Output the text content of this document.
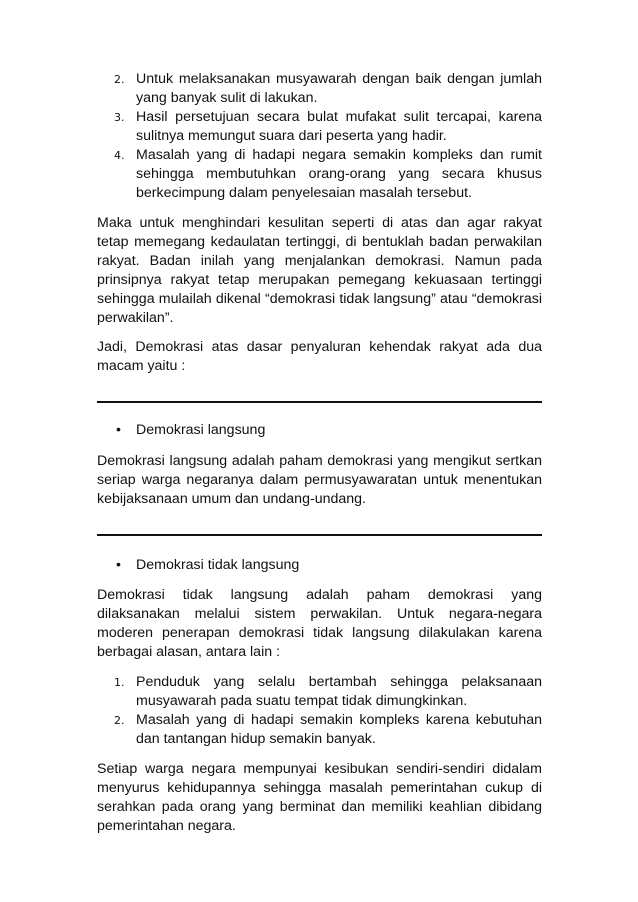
2. Untuk melaksanakan musyawarah dengan baik dengan jumlah yang banyak sulit di lakukan.
3. Hasil persetujuan secara bulat mufakat sulit tercapai, karena sulitnya memungut suara dari peserta yang hadir.
4. Masalah yang di hadapi negara semakin kompleks dan rumit sehingga membutuhkan orang-orang yang secara khusus berkecimpung dalam penyelesaian masalah tersebut.

Maka untuk menghindari kesulitan seperti di atas dan agar rakyat tetap memegang kedaulatan tertinggi, di bentuklah badan perwakilan rakyat. Badan inilah yang menjalankan demokrasi. Namun pada prinsipnya rakyat tetap merupakan pemegang kekuasaan tertinggi sehingga mulailah dikenal “demokrasi tidak langsung” atau “demokrasi perwakilan”.

Jadi, Demokrasi atas dasar penyaluran kehendak rakyat ada dua macam yaitu :

• Demokrasi langsung

Demokrasi langsung adalah paham demokrasi yang mengikut sertkan seriap warga negaranya dalam permusyawaratan untuk menentukan kebijaksanaan umum dan undang-undang.

• Demokrasi tidak langsung

Demokrasi tidak langsung adalah paham demokrasi yang dilaksanakan melalui sistem perwakilan. Untuk negara-negara moderen penerapan demokrasi tidak langsung dilakulakan karena berbagai alasan, antara lain :

1. Penduduk yang selalu bertambah sehingga pelaksanaan musyawarah pada suatu tempat tidak dimungkinkan.
2. Masalah yang di hadapi semakin kompleks karena kebutuhan dan tantangan hidup semakin banyak.

Setiap warga negara mempunyai kesibukan sendiri-sendiri didalam menyurus kehidupannya sehingga masalah pemerintahan cukup di serahkan pada orang yang berminat dan memiliki keahlian dibidang pemerintahan negara.
